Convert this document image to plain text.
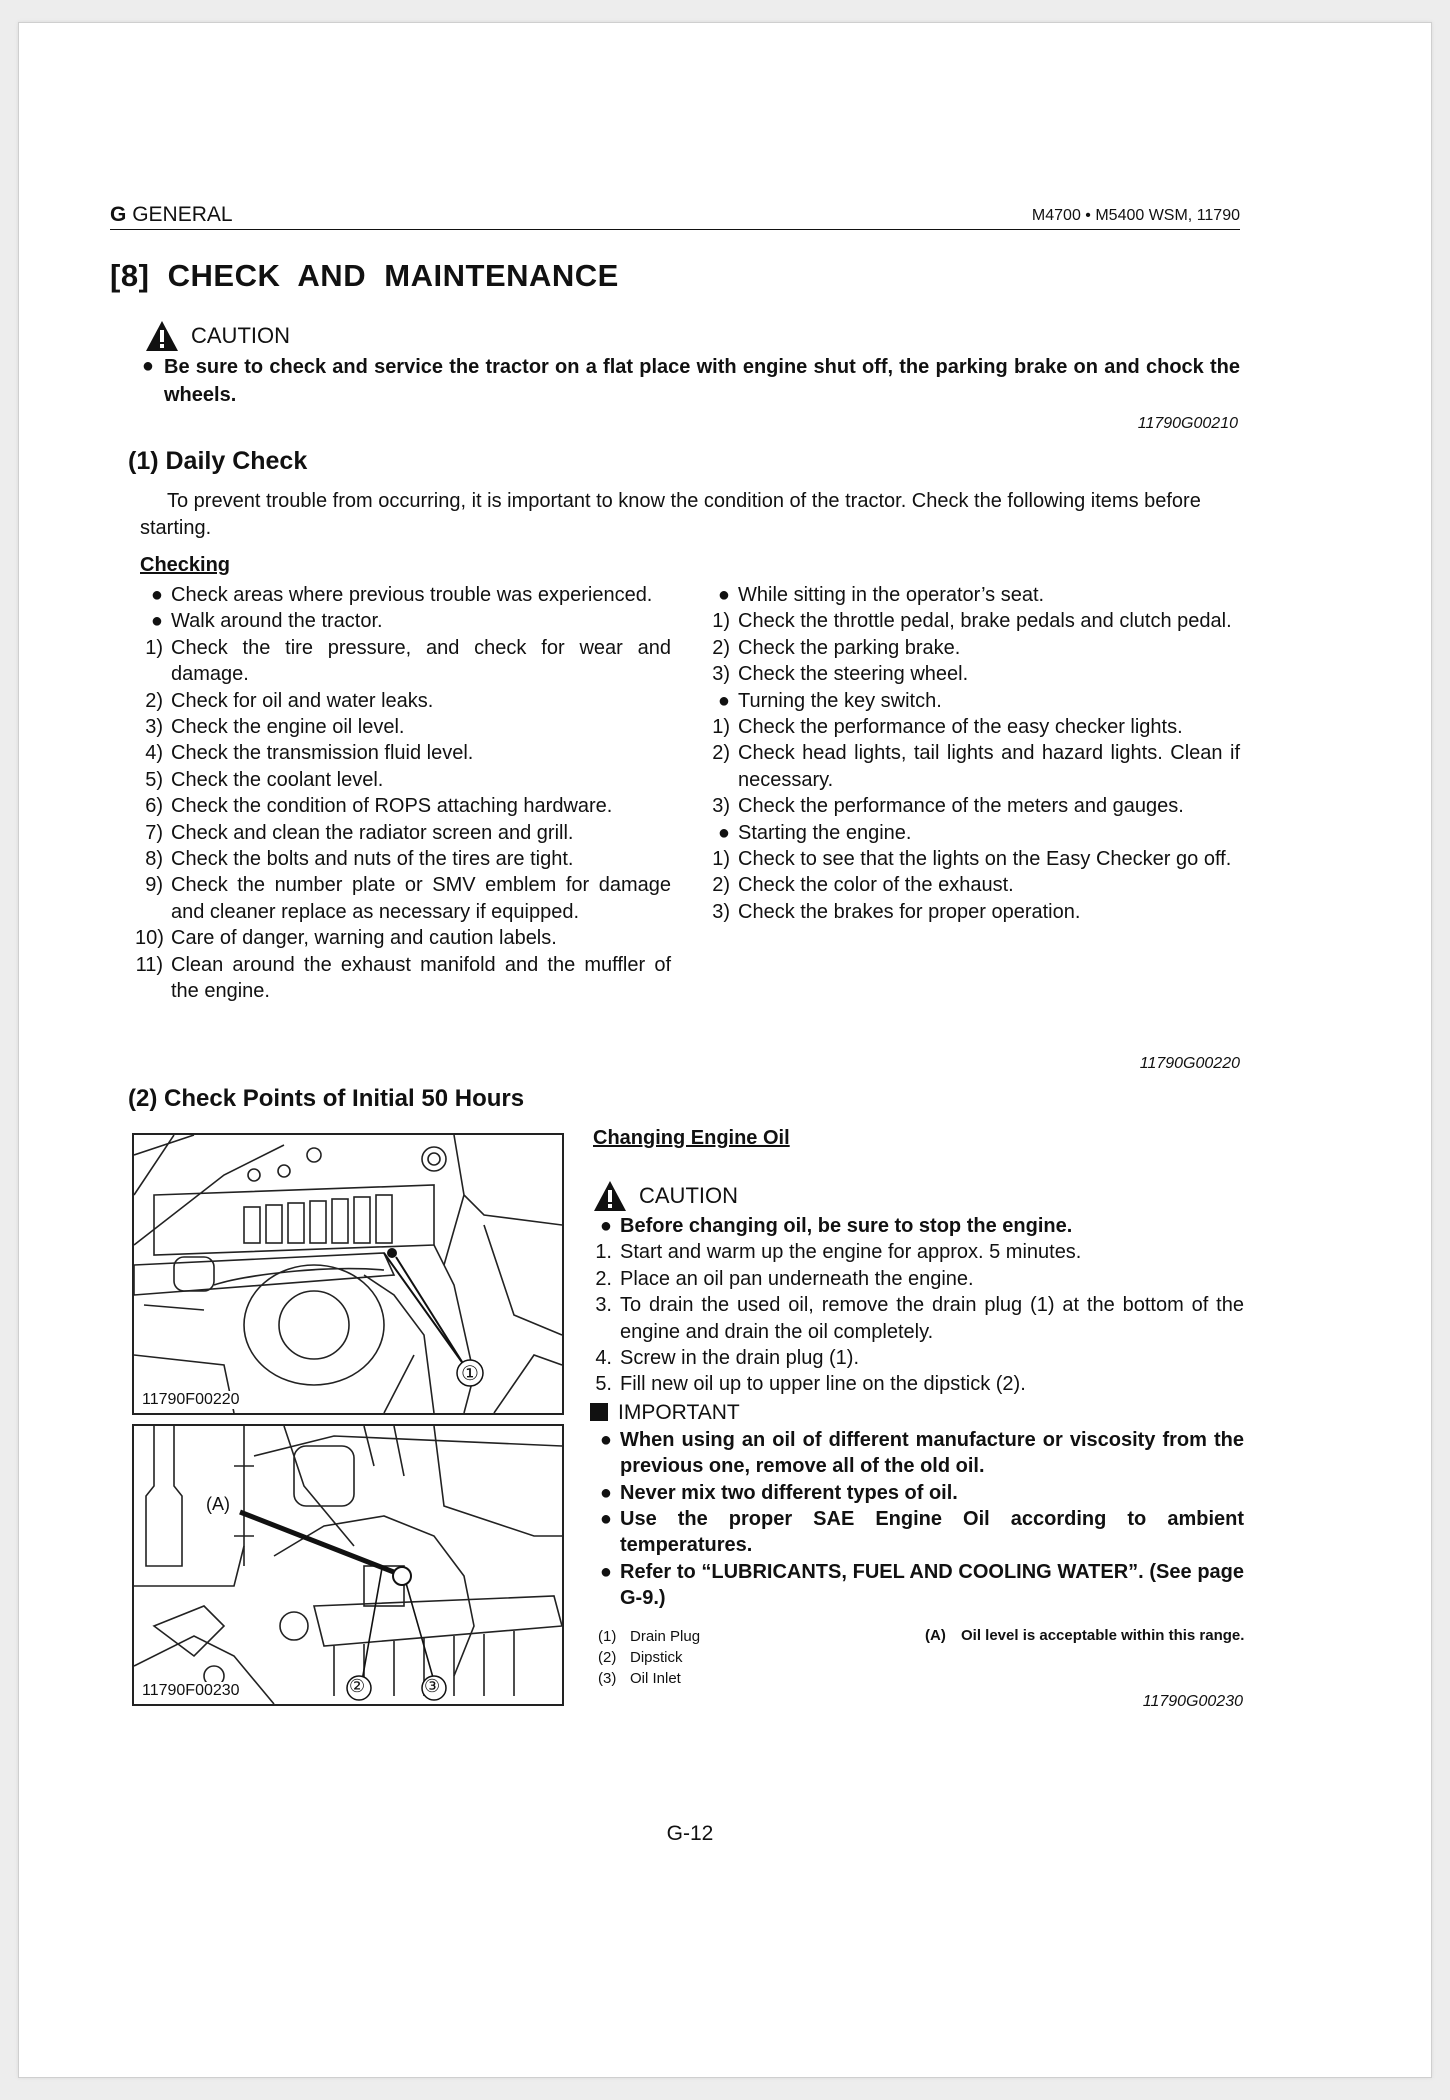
G GENERAL	M4700 • M5400 WSM, 11790
[8]  CHECK  AND  MAINTENANCE
CAUTION
● Be sure to check and service the tractor on a flat place with engine shut off, the parking brake on and chock the wheels.
11790G00210
(1) Daily Check
To prevent trouble from occurring, it is important to know the condition of the tractor. Check the following items before starting.
Checking
● Check areas where previous trouble was experienced.
● Walk around the tractor.
1) Check the tire pressure, and check for wear and damage.
2) Check for oil and water leaks.
3) Check the engine oil level.
4) Check the transmission fluid level.
5) Check the coolant level.
6) Check the condition of ROPS attaching hardware.
7) Check and clean the radiator screen and grill.
8) Check the bolts and nuts of the tires are tight.
9) Check the number plate or SMV emblem for damage and cleaner replace as necessary if equipped.
10) Care of danger, warning and caution labels.
11) Clean around the exhaust manifold and the muffler of the engine.
● While sitting in the operator’s seat.
1) Check the throttle pedal, brake pedals and clutch pedal.
2) Check the parking brake.
3) Check the steering wheel.
● Turning the key switch.
1) Check the performance of the easy checker lights.
2) Check head lights, tail lights and hazard lights. Clean if necessary.
3) Check the performance of the meters and gauges.
● Starting the engine.
1) Check to see that the lights on the Easy Checker go off.
2) Check the color of the exhaust.
3) Check the brakes for proper operation.
11790G00220
(2) Check Points of Initial 50 Hours
①
11790F00220
(A)
②	③
11790F00230
Changing Engine Oil
CAUTION
● Before changing oil, be sure to stop the engine.
1. Start and warm up the engine for approx. 5 minutes.
2. Place an oil pan underneath the engine.
3. To drain the used oil, remove the drain plug (1) at the bottom of the engine and drain the oil completely.
4. Screw in the drain plug (1).
5. Fill new oil up to upper line on the dipstick (2).
IMPORTANT
● When using an oil of different manufacture or viscosity from the previous one, remove all of the old oil.
● Never mix two different types of oil.
● Use the proper SAE Engine Oil according to ambient temperatures.
● Refer to “LUBRICANTS, FUEL AND COOLING WATER”. (See page G-9.)
(1) Drain Plug
(2) Dipstick
(3) Oil Inlet
(A)	Oil level is acceptable within this range.
11790G00230
G-12
